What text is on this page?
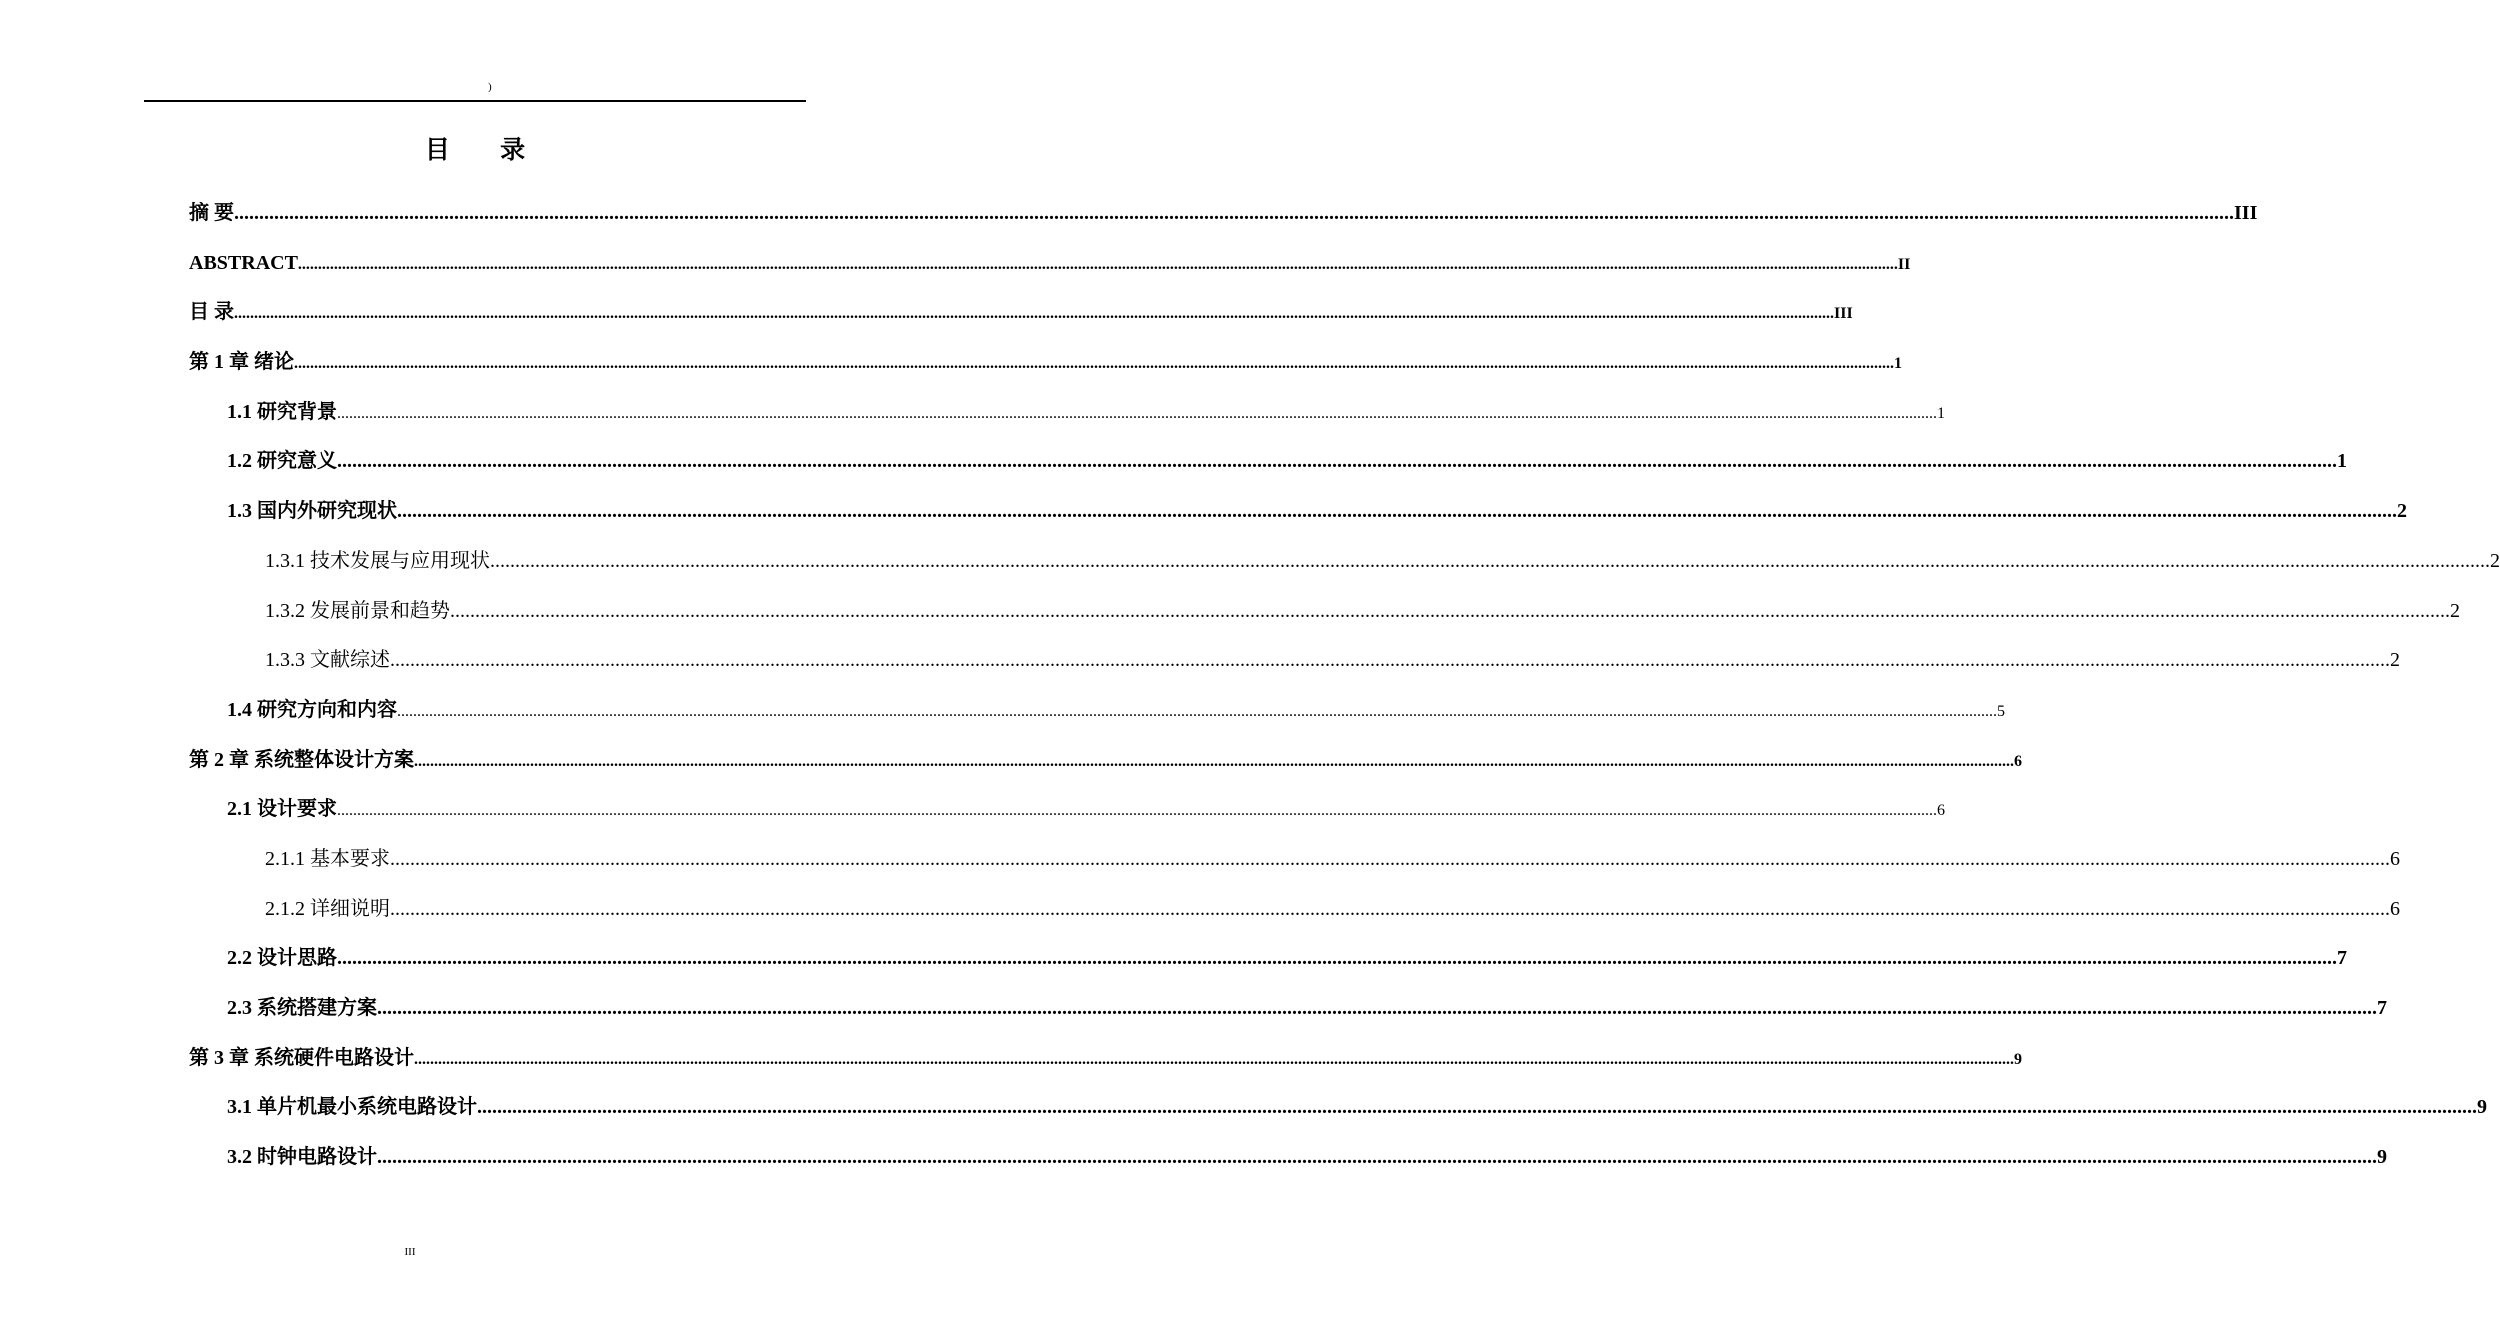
)
目 录
摘 要 ................................................................................................................................................................................................................................................................................................................................................................................................................ III
ABSTRACT ................................................................................................................................................................................................................................................................................................................................................................................................................ II
目 录 ................................................................................................................................................................................................................................................................................................................................................................................................................ III
第 1 章 绪论 ................................................................................................................................................................................................................................................................................................................................................................................................................ 1
1.1 研究背景 ................................................................................................................................................................................................................................................................................................................................................................................................................ 1
1.2 研究意义 ................................................................................................................................................................................................................................................................................................................................................................................................................ 1
1.3 国内外研究现状 ................................................................................................................................................................................................................................................................................................................................................................................................................ 2
1.3.1 技术发展与应用现状 ................................................................................................................................................................................................................................................................................................................................................................................................................ 2
1.3.2 发展前景和趋势 ................................................................................................................................................................................................................................................................................................................................................................................................................ 2
1.3.3 文献综述 ................................................................................................................................................................................................................................................................................................................................................................................................................ 2
1.4 研究方向和内容 ................................................................................................................................................................................................................................................................................................................................................................................................................ 5
第 2 章 系统整体设计方案 ................................................................................................................................................................................................................................................................................................................................................................................................................ 6
2.1 设计要求 ................................................................................................................................................................................................................................................................................................................................................................................................................ 6
2.1.1 基本要求 ................................................................................................................................................................................................................................................................................................................................................................................................................ 6
2.1.2 详细说明 ................................................................................................................................................................................................................................................................................................................................................................................................................ 6
2.2 设计思路 ................................................................................................................................................................................................................................................................................................................................................................................................................ 7
2.3 系统搭建方案 ................................................................................................................................................................................................................................................................................................................................................................................................................ 7
第 3 章 系统硬件电路设计 ................................................................................................................................................................................................................................................................................................................................................................................................................ 9
3.1 单片机最小系统电路设计 ................................................................................................................................................................................................................................................................................................................................................................................................................ 9
3.2 时钟电路设计 ................................................................................................................................................................................................................................................................................................................................................................................................................ 9
III
